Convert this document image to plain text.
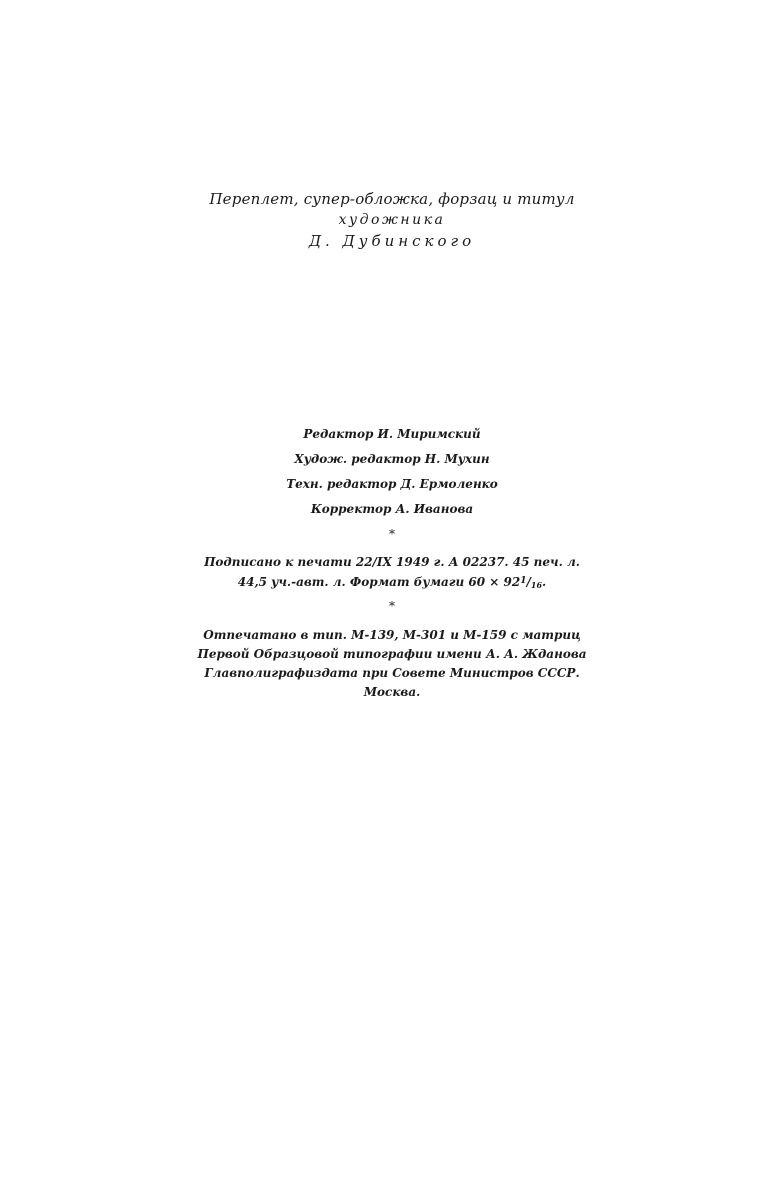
Переплет, супер-обложка, форзац и титул
художника
Д. Дубинского
Редактор И. Миримский
Худож. редактор Н. Мухин
Техн. редактор Д. Ермоленко
Корректор А. Иванова
*
Подписано к печати 22/IX 1949 г. А 02237. 45 печ. л.
44,5 уч.-авт. л. Формат бумаги $60 \times 92^1/_{16}$.
*
Отпечатано в тип. М-139, М-301 и М-159 с матриц
Первой Образцовой типографии имени А. А. Жданова
Главполиграфиздата при Совете Министров СССР.
Москва.
